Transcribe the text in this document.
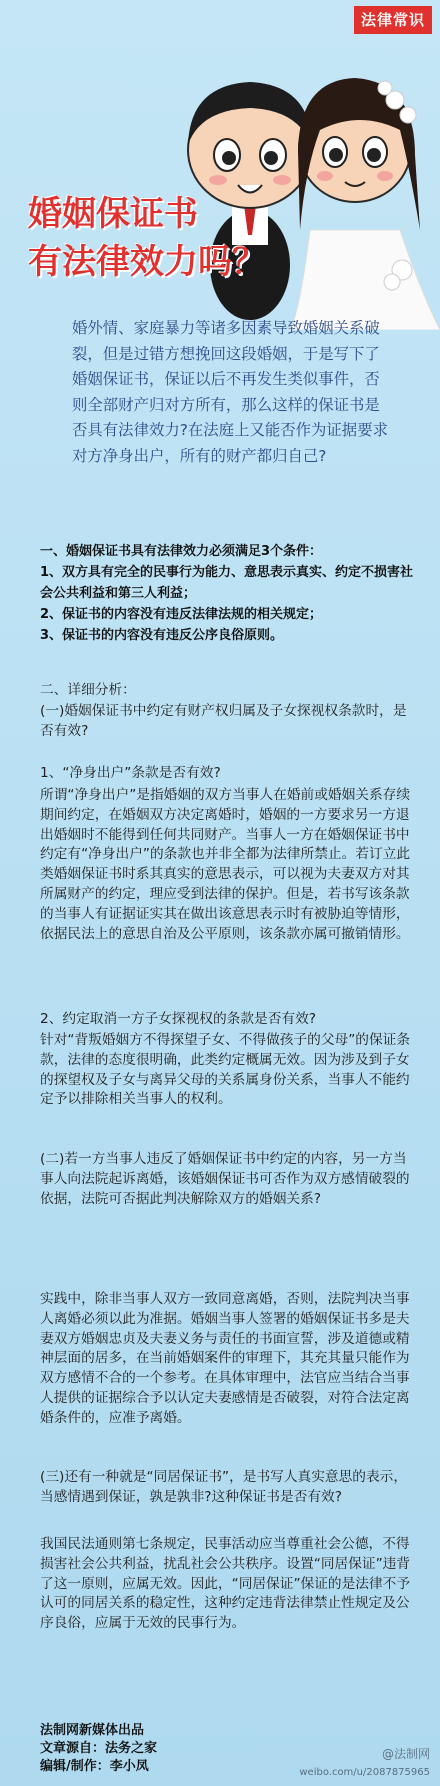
法律常识
婚姻保证书
有法律效力吗？
婚外情、家庭暴力等诸多因素导致婚姻关系破裂，但是过错方想挽回这段婚姻，于是写下了婚姻保证书，保证以后不再发生类似事件，否则全部财产归对方所有，那么这样的保证书是否具有法律效力?在法庭上又能否作为证据要求对方净身出户，所有的财产都归自己?
一、婚姻保证书具有法律效力必须满足3个条件：
1、双方具有完全的民事行为能力、意思表示真实、约定不损害社会公共利益和第三人利益；
2、保证书的内容没有违反法律法规的相关规定；
3、保证书的内容没有违反公序良俗原则。
二、详细分析：
(一)婚姻保证书中约定有财产权归属及子女探视权条款时，是否有效?
1、“净身出户”条款是否有效?
所谓“净身出户”是指婚姻的双方当事人在婚前或婚姻关系存续期间约定，在婚姻双方决定离婚时，婚姻的一方要求另一方退出婚姻时不能得到任何共同财产。当事人一方在婚姻保证书中约定有“净身出户”的条款也并非全都为法律所禁止。若订立此类婚姻保证书时系其真实的意思表示，可以视为夫妻双方对其所属财产的约定，理应受到法律的保护。但是，若书写该条款的当事人有证据证实其在做出该意思表示时有被胁迫等情形，依据民法上的意思自治及公平原则，该条款亦属可撤销情形。
2、约定取消一方子女探视权的条款是否有效?
针对“背叛婚姻方不得探望子女、不得做孩子的父母”的保证条款，法律的态度很明确，此类约定概属无效。因为涉及到子女的探望权及子女与离异父母的关系属身份关系，当事人不能约定予以排除相关当事人的权利。
(二)若一方当事人违反了婚姻保证书中约定的内容，另一方当事人向法院起诉离婚，该婚姻保证书可否作为双方感情破裂的依据，法院可否据此判决解除双方的婚姻关系?
实践中，除非当事人双方一致同意离婚，否则，法院判决当事人离婚必须以此为准据。婚姻当事人签署的婚姻保证书多是夫妻双方婚姻忠贞及夫妻义务与责任的书面宣誓，涉及道德或精神层面的居多，在当前婚姻案件的审理下，其充其量只能作为双方感情不合的一个参考。在具体审理中，法官应当结合当事人提供的证据综合予以认定夫妻感情是否破裂，对符合法定离婚条件的，应准予离婚。
(三)还有一种就是“同居保证书”，是书写人真实意思的表示，当感情遇到保证，孰是孰非?这种保证书是否有效?
我国民法通则第七条规定，民事活动应当尊重社会公德，不得损害社会公共利益，扰乱社会公共秩序。设置“同居保证”违背了这一原则，应属无效。因此，“同居保证”保证的是法律不予认可的同居关系的稳定性，这种约定违背法律禁止性规定及公序良俗，应属于无效的民事行为。
法制网新媒体出品
文章源自：法务之家
编辑/制作：李小凤
@法制网
weibo.com/u/2087875965
